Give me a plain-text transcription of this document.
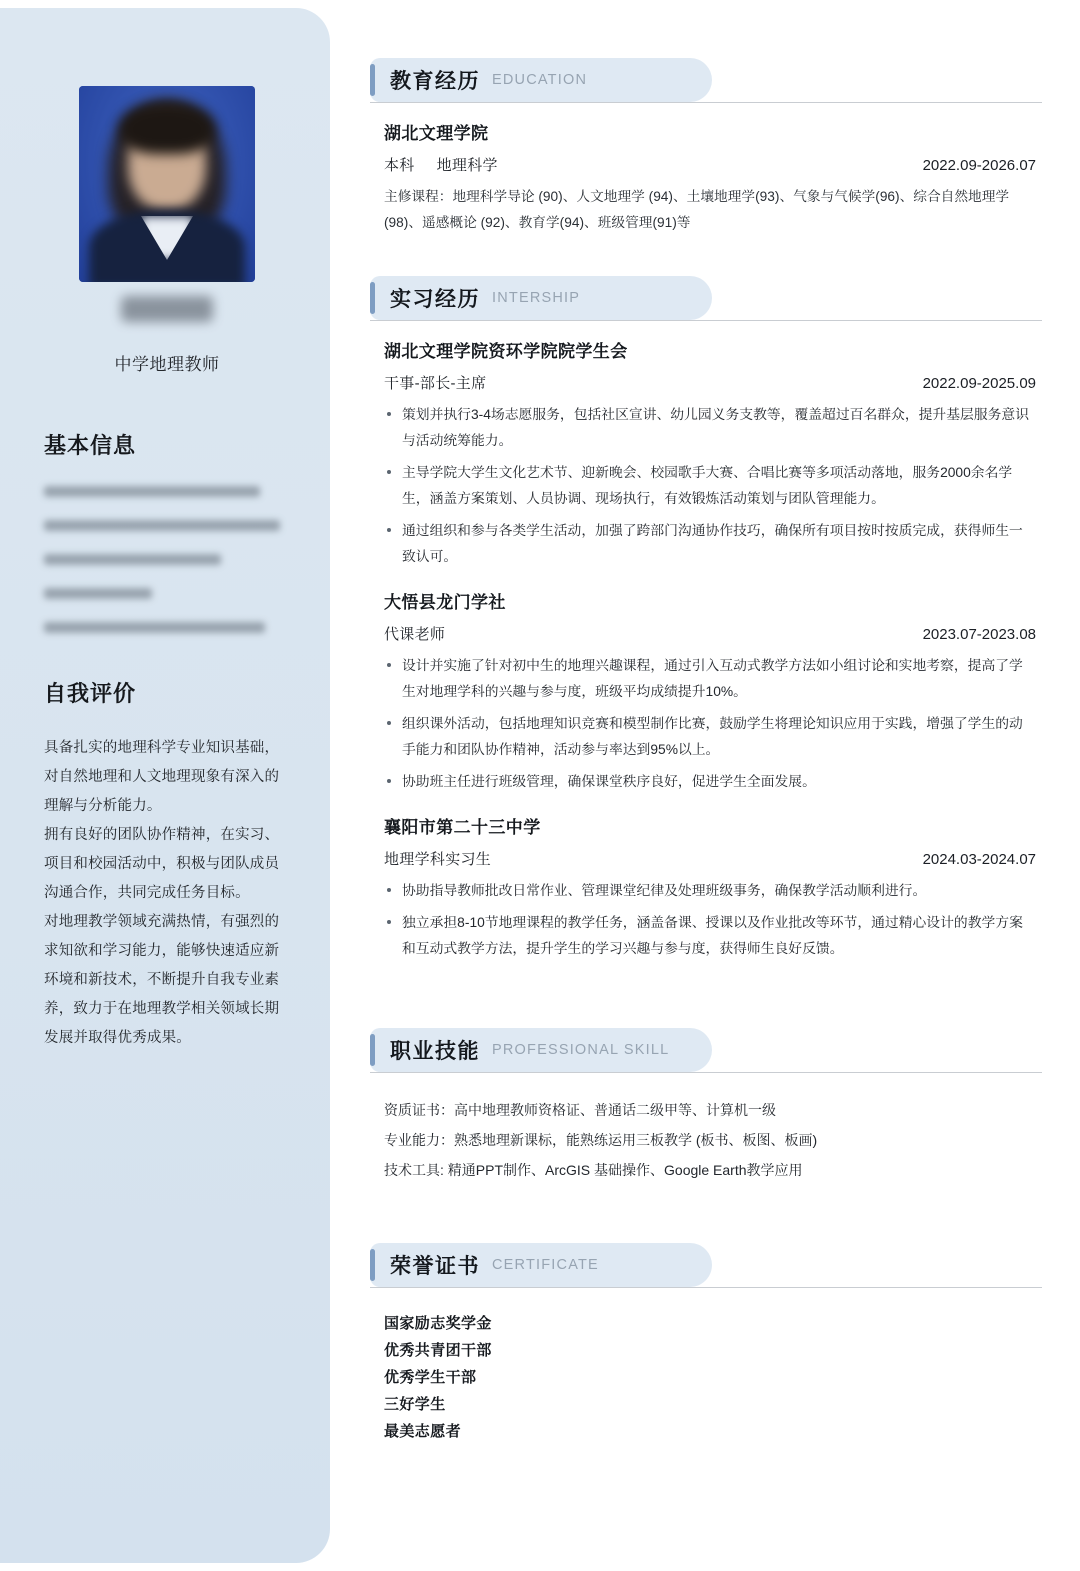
中学地理教师
基本信息
自我评价

具备扎实的地理科学专业知识基础，对自然地理和人文地理现象有深入的理解与分析能力。

拥有良好的团队协作精神，在实习、项目和校园活动中，积极与团队成员沟通合作，共同完成任务目标。

对地理教学领域充满热情，有强烈的求知欲和学习能力，能够快速适应新环境和新技术，不断提升自我专业素养，致力于在地理教学相关领域长期发展并取得优秀成果。

教育经历 EDUCATION
湖北文理学院
本科 地理科学	2022.09-2026.07
主修课程：地理科学导论 (90)、人文地理学 (94)、土壤地理学(93)、气象与气候学(96)、综合自然地理学 (98)、遥感概论 (92)、教育学(94)、班级管理(91)等
实习经历 INTERSHIP
湖北文理学院资环学院院学生会
干事-部长-主席	2022.09-2025.09
策划并执行3-4场志愿服务，包括社区宣讲、幼儿园义务支教等，覆盖超过百名群众，提升基层服务意识与活动统筹能力。
主导学院大学生文化艺术节、迎新晚会、校园歌手大赛、合唱比赛等多项活动落地，服务2000余名学生，涵盖方案策划、人员协调、现场执行，有效锻炼活动策划与团队管理能力。
通过组织和参与各类学生活动，加强了跨部门沟通协作技巧，确保所有项目按时按质完成，获得师生一致认可。
大悟县龙门学社
代课老师	2023.07-2023.08
设计并实施了针对初中生的地理兴趣课程，通过引入互动式教学方法如小组讨论和实地考察，提高了学生对地理学科的兴趣与参与度，班级平均成绩提升10%。
组织课外活动，包括地理知识竞赛和模型制作比赛，鼓励学生将理论知识应用于实践，增强了学生的动手能力和团队协作精神，活动参与率达到95%以上。
协助班主任进行班级管理，确保课堂秩序良好，促进学生全面发展。
襄阳市第二十三中学
地理学科实习生	2024.03-2024.07
协助指导教师批改日常作业、管理课堂纪律及处理班级事务，确保教学活动顺利进行。
独立承担8-10节地理课程的教学任务，涵盖备课、授课以及作业批改等环节，通过精心设计的教学方案和互动式教学方法，提升学生的学习兴趣与参与度，获得师生良好反馈。
职业技能 PROFESSIONAL SKILL
资质证书：高中地理教师资格证、普通话二级甲等、计算机一级
专业能力：熟悉地理新课标，能熟练运用三板教学 (板书、板图、板画)
技术工具: 精通PPT制作、ArcGIS 基础操作、Google Earth教学应用
荣誉证书 CERTIFICATE
国家励志奖学金
优秀共青团干部
优秀学生干部
三好学生
最美志愿者
